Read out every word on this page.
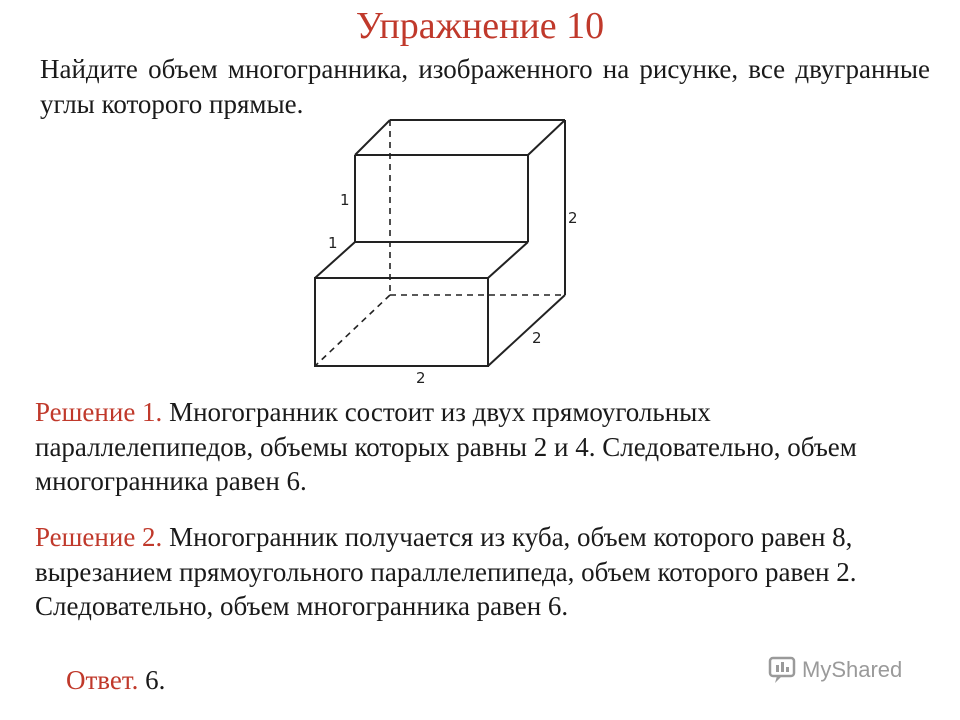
Упражнение 10

Найдите объем многогранника, изображенного на рисунке, все двугранные углы которого прямые.

1
1
2
2
2

Решение 1. Многогранник состоит из двух прямоугольных параллелепипедов, объемы которых равны 2 и 4. Следовательно, объем многогранника равен 6.

Решение 2. Многогранник получается из куба, объем которого равен 8, вырезанием прямоугольного параллелепипеда, объем которого равен 2. Следовательно, объем многогранника равен 6.

Ответ. 6.	MyShared
